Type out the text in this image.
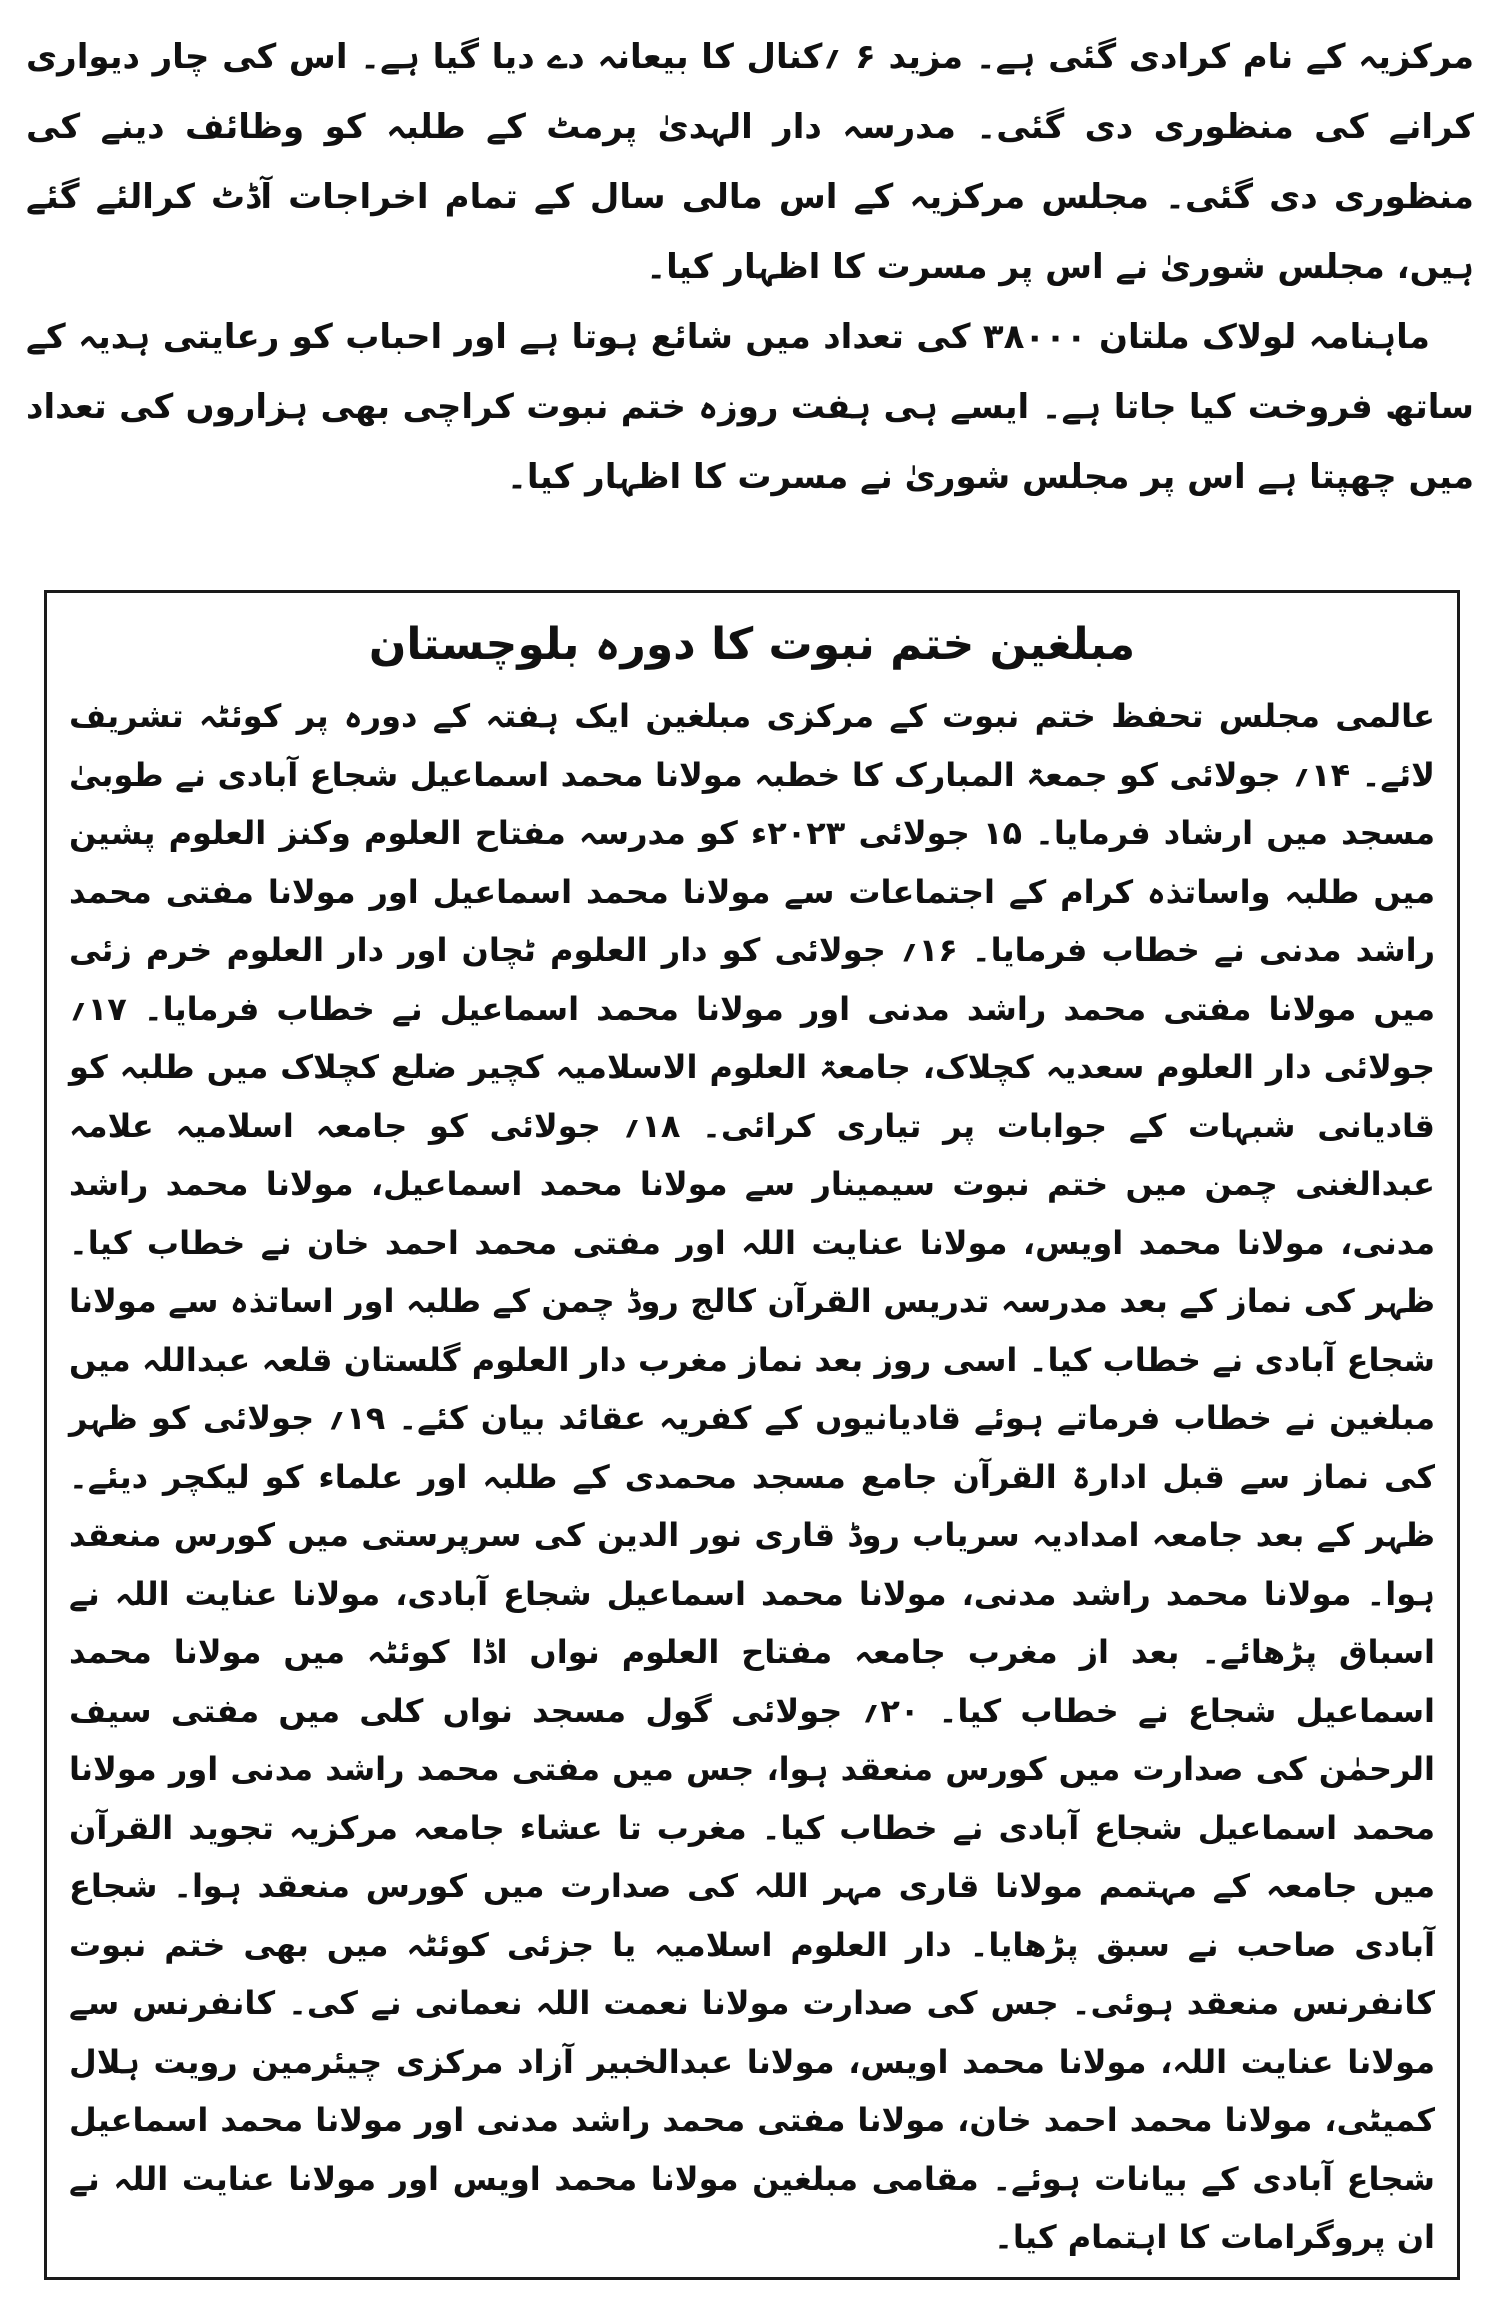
مرکزیہ کے نام کرادی گئی ہے۔ مزید ۶ ؍کنال کا بیعانہ دے دیا گیا ہے۔ اس کی چار دیواری کرانے کی منظوری دی گئی۔ مدرسہ دار الہدیٰ پرمٹ کے طلبہ کو وظائف دینے کی منظوری دی گئی۔ مجلس مرکزیہ کے اس مالی سال کے تمام اخراجات آڈٹ کرالئے گئے ہیں، مجلس شوریٰ نے اس پر مسرت کا اظہار کیا۔

ماہنامہ لولاک ملتان ۳۸۰۰۰ کی تعداد میں شائع ہوتا ہے اور احباب کو رعایتی ہدیہ کے ساتھ فروخت کیا جاتا ہے۔ ایسے ہی ہفت روزہ ختم نبوت کراچی بھی ہزاروں کی تعداد میں چھپتا ہے اس پر مجلس شوریٰ نے مسرت کا اظہار کیا۔

مبلغین ختم نبوت کا دورہ بلوچستان

عالمی مجلس تحفظ ختم نبوت کے مرکزی مبلغین ایک ہفتہ کے دورہ پر کوئٹہ تشریف لائے۔ ۱۴؍ جولائی کو جمعۃ المبارک کا خطبہ مولانا محمد اسماعیل شجاع آبادی نے طوبیٰ مسجد میں ارشاد فرمایا۔ ۱۵ جولائی ۲۰۲۳ء کو مدرسہ مفتاح العلوم وکنز العلوم پشین میں طلبہ واساتذہ کرام کے اجتماعات سے مولانا محمد اسماعیل اور مولانا مفتی محمد راشد مدنی نے خطاب فرمایا۔ ۱۶؍ جولائی کو دار العلوم ٹچان اور دار العلوم خرم زئی میں مولانا مفتی محمد راشد مدنی اور مولانا محمد اسماعیل نے خطاب فرمایا۔ ۱۷؍ جولائی دار العلوم سعدیہ کچلاک، جامعۃ العلوم الاسلامیہ کچیر ضلع کچلاک میں طلبہ کو قادیانی شبہات کے جوابات پر تیاری کرائی۔ ۱۸؍ جولائی کو جامعہ اسلامیہ علامہ عبدالغنی چمن میں ختم نبوت سیمینار سے مولانا محمد اسماعیل، مولانا محمد راشد مدنی، مولانا محمد اویس، مولانا عنایت اللہ اور مفتی محمد احمد خان نے خطاب کیا۔ ظہر کی نماز کے بعد مدرسہ تدریس القرآن کالج روڈ چمن کے طلبہ اور اساتذہ سے مولانا شجاع آبادی نے خطاب کیا۔ اسی روز بعد نماز مغرب دار العلوم گلستان قلعہ عبداللہ میں مبلغین نے خطاب فرماتے ہوئے قادیانیوں کے کفریہ عقائد بیان کئے۔ ۱۹؍ جولائی کو ظہر کی نماز سے قبل ادارۃ القرآن جامع مسجد محمدی کے طلبہ اور علماء کو لیکچر دیئے۔ ظہر کے بعد جامعہ امدادیہ سریاب روڈ قاری نور الدین کی سرپرستی میں کورس منعقد ہوا۔ مولانا محمد راشد مدنی، مولانا محمد اسماعیل شجاع آبادی، مولانا عنایت اللہ نے اسباق پڑھائے۔ بعد از مغرب جامعہ مفتاح العلوم نواں اڈا کوئٹہ میں مولانا محمد اسماعیل شجاع نے خطاب کیا۔ ۲۰؍ جولائی گول مسجد نواں کلی میں مفتی سیف الرحمٰن کی صدارت میں کورس منعقد ہوا، جس میں مفتی محمد راشد مدنی اور مولانا محمد اسماعیل شجاع آبادی نے خطاب کیا۔ مغرب تا عشاء جامعہ مرکزیہ تجوید القرآن میں جامعہ کے مہتمم مولانا قاری مہر اللہ کی صدارت میں کورس منعقد ہوا۔ شجاع آبادی صاحب نے سبق پڑھایا۔ دار العلوم اسلامیہ یا جزئی کوئٹہ میں بھی ختم نبوت کانفرنس منعقد ہوئی۔ جس کی صدارت مولانا نعمت اللہ نعمانی نے کی۔ کانفرنس سے مولانا عنایت اللہ، مولانا محمد اویس، مولانا عبدالخبیر آزاد مرکزی چیئرمین رویت ہلال کمیٹی، مولانا محمد احمد خان، مولانا مفتی محمد راشد مدنی اور مولانا محمد اسماعیل شجاع آبادی کے بیانات ہوئے۔ مقامی مبلغین مولانا محمد اویس اور مولانا عنایت اللہ نے ان پروگرامات کا اہتمام کیا۔
